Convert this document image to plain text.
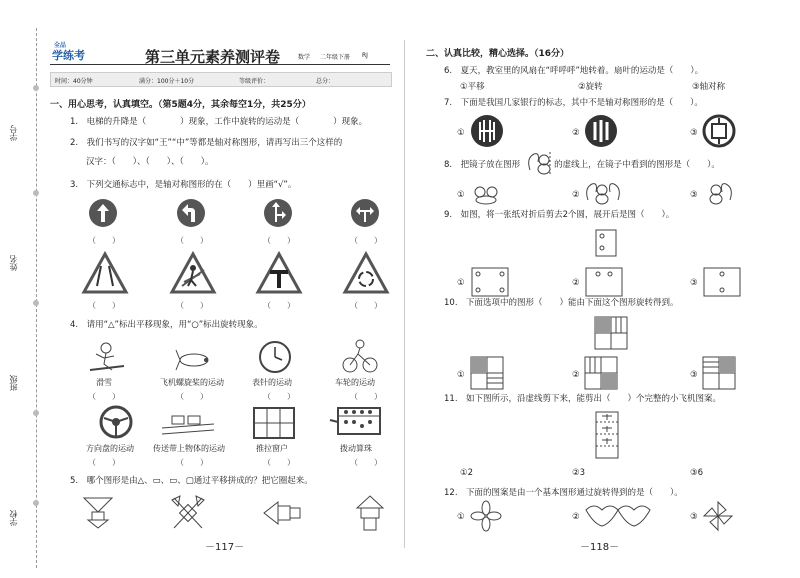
学号
姓名
班级
学校
全品
学练考	第三单元素养测评卷	数学 二年级下册 RJ
时间：40分钟	满分：100分＋10分	等级评价：	总分：
一、用心思考，认真填空。（第5题4分，其余每空1分，共25分）
1.　电梯的升降是（　　　　）现象，工作中旋转的运动是（　　　　）现象。
2.　我们书写的汉字如“王”“中”等都是轴对称图形，请再写出三个这样的
汉字：（　　）、（　　）、（　　）。
3.　下列交通标志中，是轴对称图形的在（　　）里画“√”。
（　　）	（　　）	（　　）	（　　）
（　　）	（　　）	（　　）	（　　）
4.　请用“△”标出平移现象，用“○”标出旋转现象。
滑雪	飞机螺旋桨的运动	表针的运动	车轮的运动
（　　）	（　　）	（　　）	（　　）
方向盘的运动 传送带上物体的运动	推拉窗户	拨动算珠
（　　）	（　　）	（　　）	（　　）
5.　哪个图形是由△、▭、▭、▢通过平移拼成的？把它圈起来。
－117－
二、认真比较，精心选择。（16分）
6.　夏天，教室里的风扇在“呼呼呼”地转着。扇叶的运动是（　　）。
①平移	②旋转	③轴对称
7.　下面是我国几家银行的标志，其中不是轴对称图形的是（　　）。
①	②	③
8.　把镜子放在图形　　　　的虚线上，在镜子中看到的图形是（　　）。
①	②	③
9.　如图，将一张纸对折后剪去2个圆，展开后是图（　　）。
①	②	③
10.　下面选项中的图形（　　）能由下面这个图形旋转得到。
①	②	③
11.　如下图所示，沿虚线剪下来，能剪出（　　）个完整的小飞机图案。
①2	②3	③6
12.　下面的图案是由一个基本图形通过旋转得到的是（　　）。
①	②	③
－118－
